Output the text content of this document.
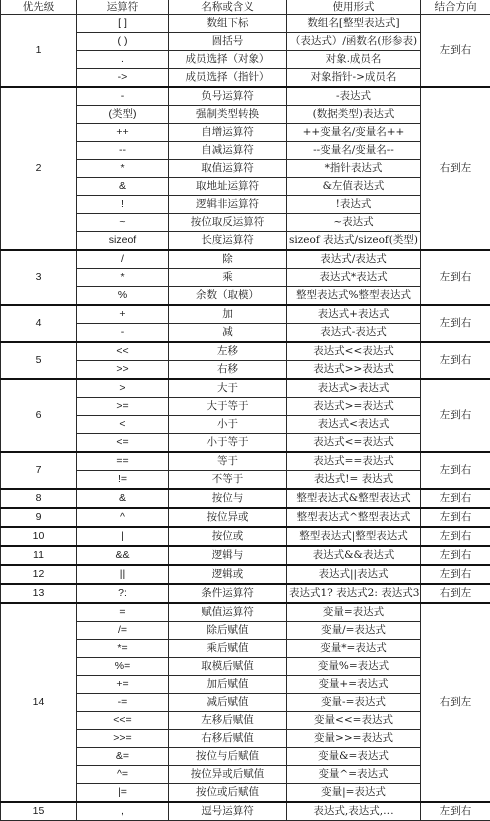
优先级	运算符	名称或含义	使用形式	结合方向
1	[ ]	数组下标	数组名[整型表达式]	左到右
	( )	圆括号	（表达式）/函数名(形参表)	
	.	成员选择（对象）	对象.成员名	
	->	成员选择（指针）	对象指针->成员名	
2	-	负号运算符	-表达式	右到左
	(类型)	强制类型转换	(数据类型)表达式	
	++	自增运算符	++变量名/变量名++	
	--	自减运算符	--变量名/变量名--	
	*	取值运算符	*指针表达式	
	&	取地址运算符	&左值表达式	
	!	逻辑非运算符	!表达式	
	~	按位取反运算符	~表达式	
	sizeof	长度运算符	sizeof 表达式/sizeof(类型)	
3	/	除	表达式/表达式	左到右
	*	乘	表达式*表达式	
	%	余数（取模）	整型表达式%整型表达式	
4	+	加	表达式+表达式	左到右
	-	减	表达式-表达式	
5	<<	左移	表达式<<表达式	左到右
	>>	右移	表达式>>表达式	
6	>	大于	表达式>表达式	左到右
	>=	大于等于	表达式>=表达式	
	<	小于	表达式<表达式	
	<=	小于等于	表达式<=表达式	
7	==	等于	表达式==表达式	左到右
	!=	不等于	表达式!= 表达式	
8	&	按位与	整型表达式&整型表达式	左到右
9	^	按位异或	整型表达式^整型表达式	左到右
10	|	按位或	整型表达式|整型表达式	左到右
11	&&	逻辑与	表达式&&表达式	左到右
12	||	逻辑或	表达式||表达式	左到右
13	?:	条件运算符	表达式1? 表达式2: 表达式3	右到左
14	=	赋值运算符	变量=表达式	右到左
	/=	除后赋值	变量/=表达式	
	*=	乘后赋值	变量*=表达式	
	%=	取模后赋值	变量%=表达式	
	+=	加后赋值	变量+=表达式	
	-=	减后赋值	变量-=表达式	
	<<=	左移后赋值	变量<<=表达式	
	>>=	右移后赋值	变量>>=表达式	
	&=	按位与后赋值	变量&=表达式	
	^=	按位异或后赋值	变量^=表达式	
	|=	按位或后赋值	变量|=表达式	
15	,	逗号运算符	表达式,表达式,…	左到右
